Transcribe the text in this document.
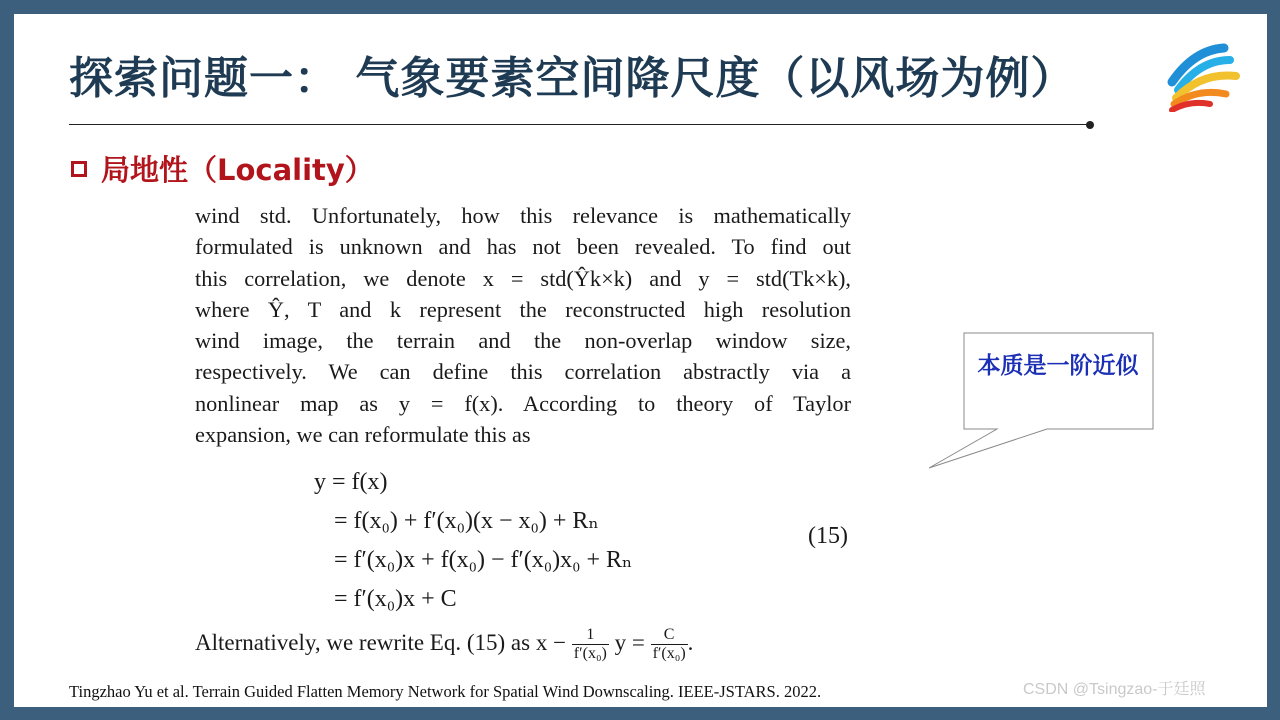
探索问题一： 气象要素空间降尺度（以风场为例）
局地性（Locality）
wind std. Unfortunately, how this relevance is mathematically
formulated is unknown and has not been revealed. To find out
this correlation, we denote x = std(Ŷk×k) and y = std(Tk×k),
where Ŷ, T and k represent the reconstructed high resolution
wind image, the terrain and the non-overlap window size,
respectively. We can define this correlation abstractly via a
nonlinear map as y = f(x). According to theory of Taylor
expansion, we can reformulate this as
y = f(x)
= f(x₀) + f′(x₀)(x − x₀) + Rₙ
= f′(x₀)x + f(x₀) − f′(x₀)x₀ + Rₙ
= f′(x₀)x + C
(15)
Alternatively, we rewrite Eq. (15) as $x - \frac{1}{\text{f′(x₀)}}$ $y = \frac{C}{\text{f′(x₀)}}$ .
本质是一阶近似
Tingzhao Yu et al. Terrain Guided Flatten Memory Network for Spatial Wind Downscaling. IEEE-JSTARS. 2022.	CSDN @Tsingzao-于廷照
